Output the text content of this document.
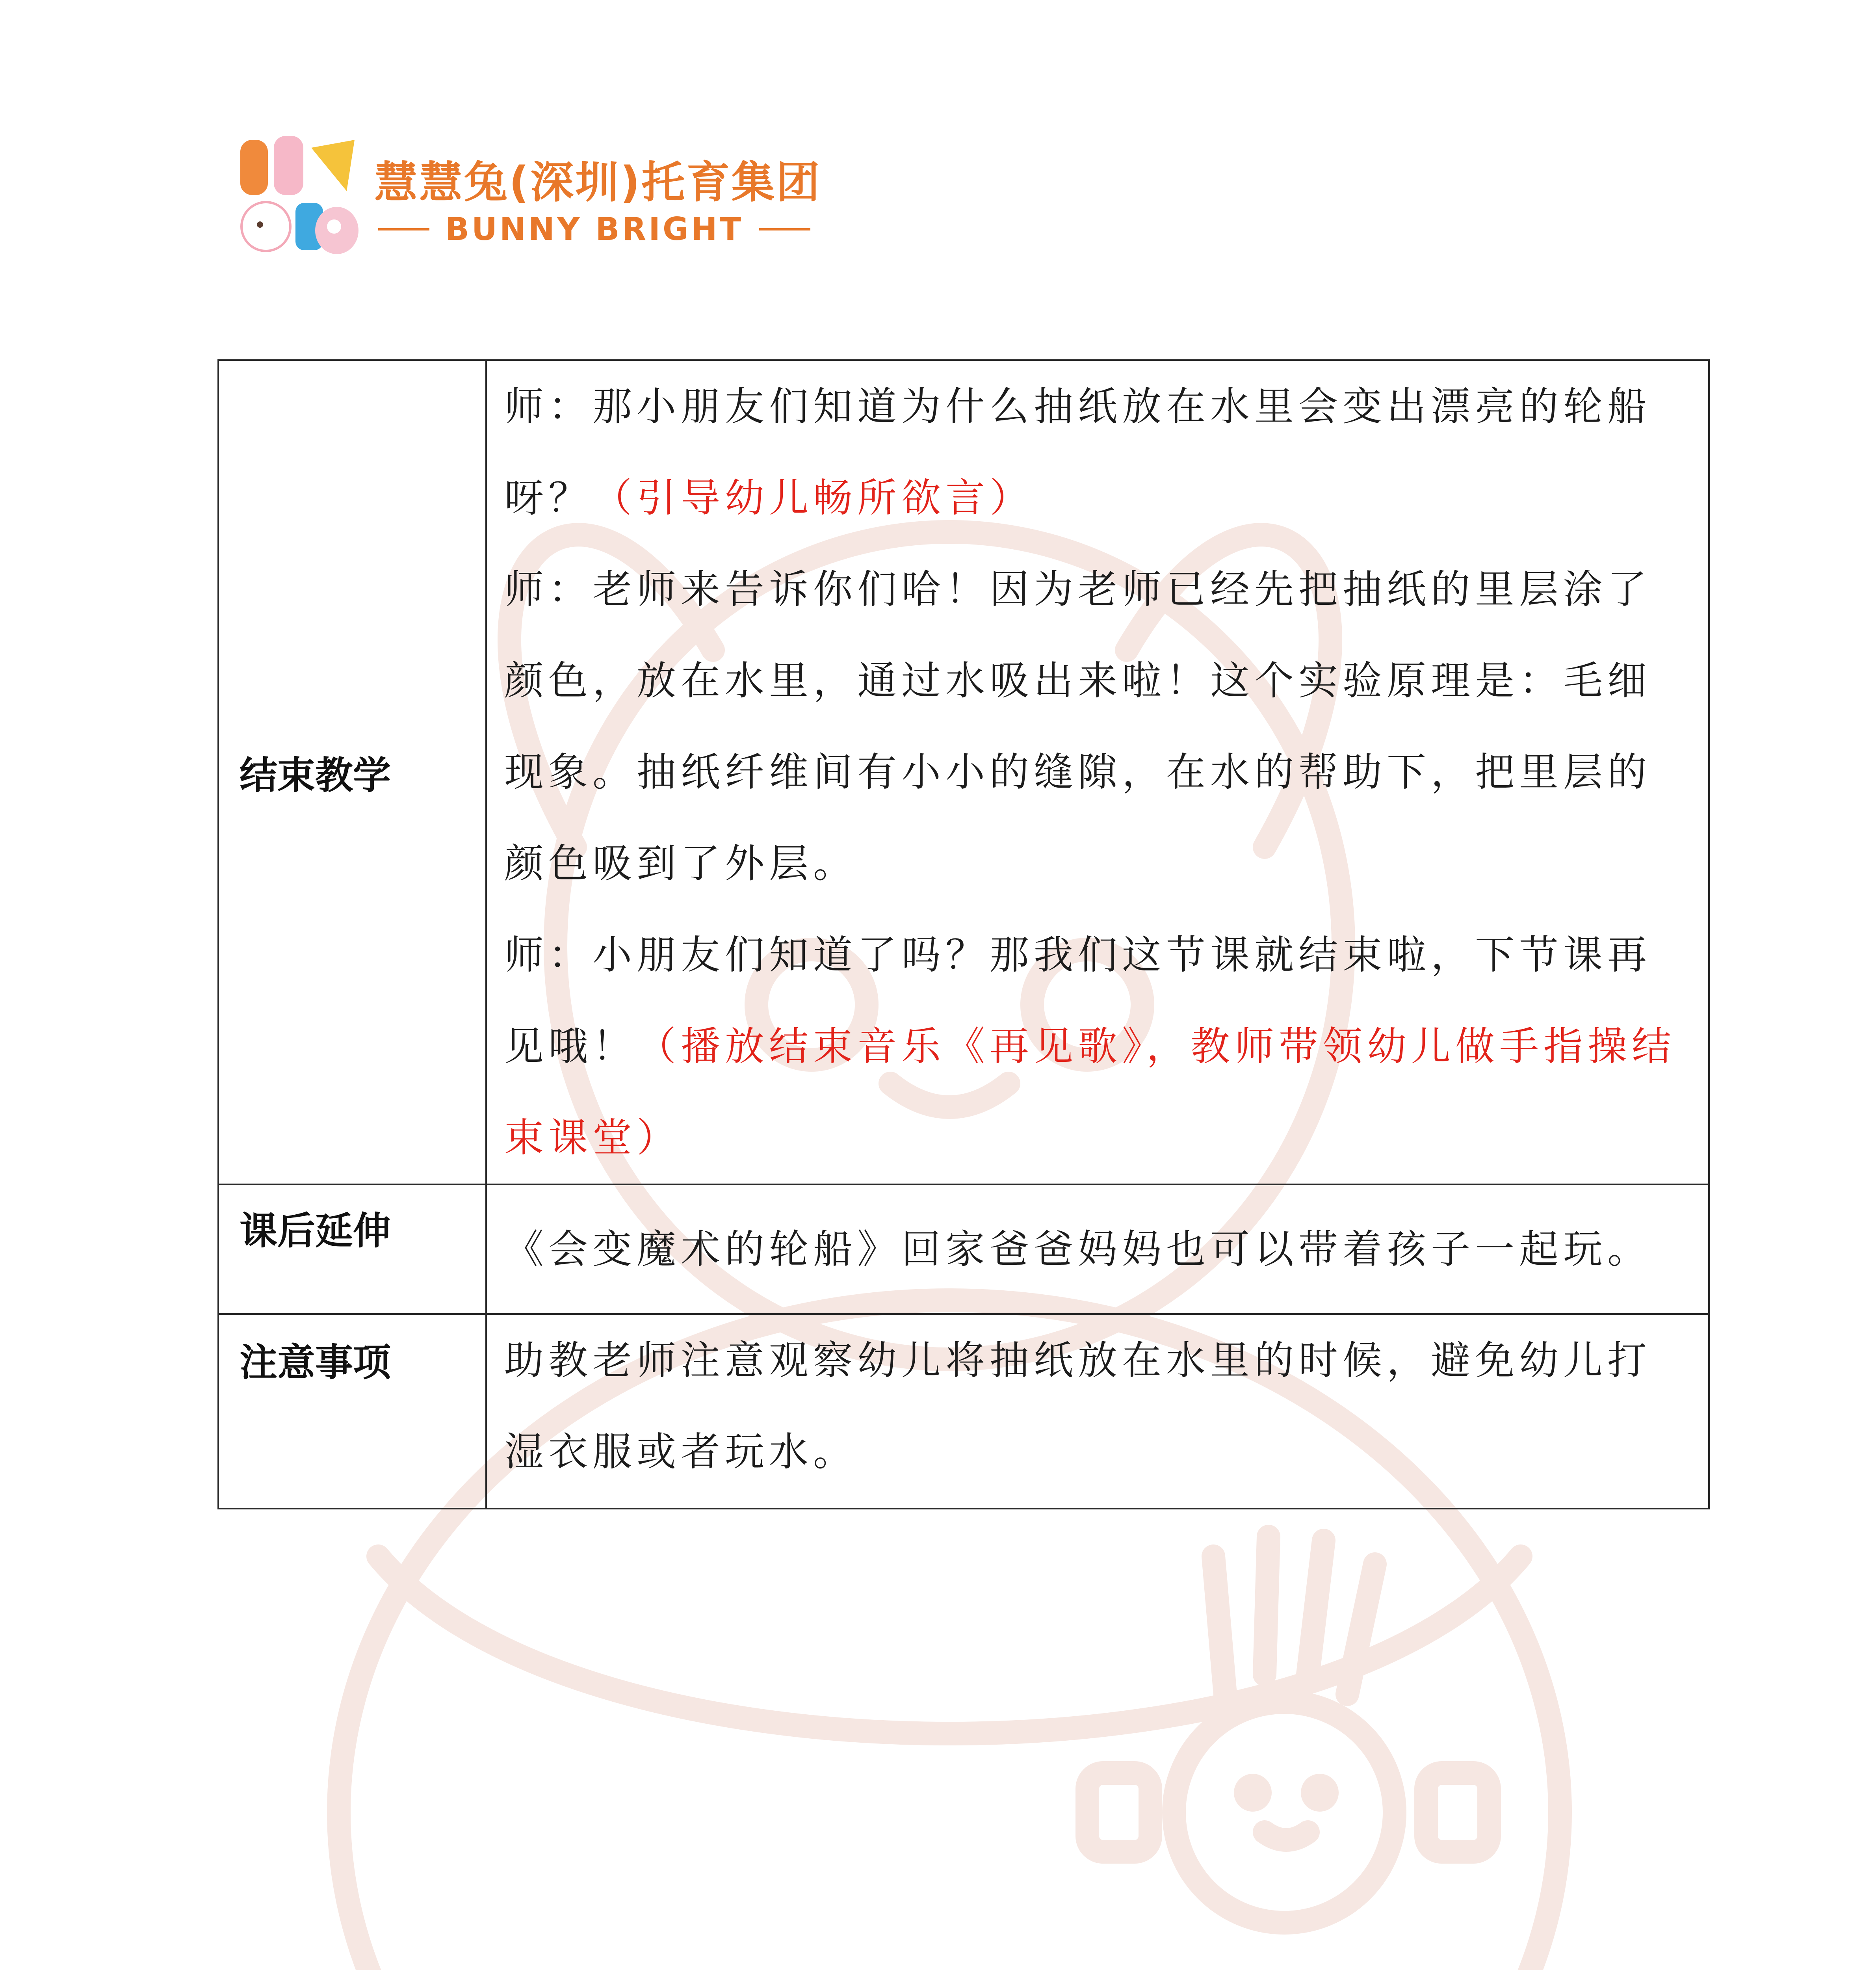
慧慧兔(深圳)托育集团
BUNNY BRIGHT
结束教学	师：那小朋友们知道为什么抽纸放在水里会变出漂亮的轮船呀？（引导幼儿畅所欲言）
师：老师来告诉你们哈！因为老师已经先把抽纸的里层涂了颜色，放在水里，通过水吸出来啦！这个实验原理是：毛细现象。抽纸纤维间有小小的缝隙，在水的帮助下，把里层的颜色吸到了外层。
师：小朋友们知道了吗？那我们这节课就结束啦，下节课再见哦！（播放结束音乐《再见歌》，教师带领幼儿做手指操结束课堂）

课后延伸	《会变魔术的轮船》回家爸爸妈妈也可以带着孩子一起玩。
注意事项	助教老师注意观察幼儿将抽纸放在水里的时候，避免幼儿打湿衣服或者玩水。
